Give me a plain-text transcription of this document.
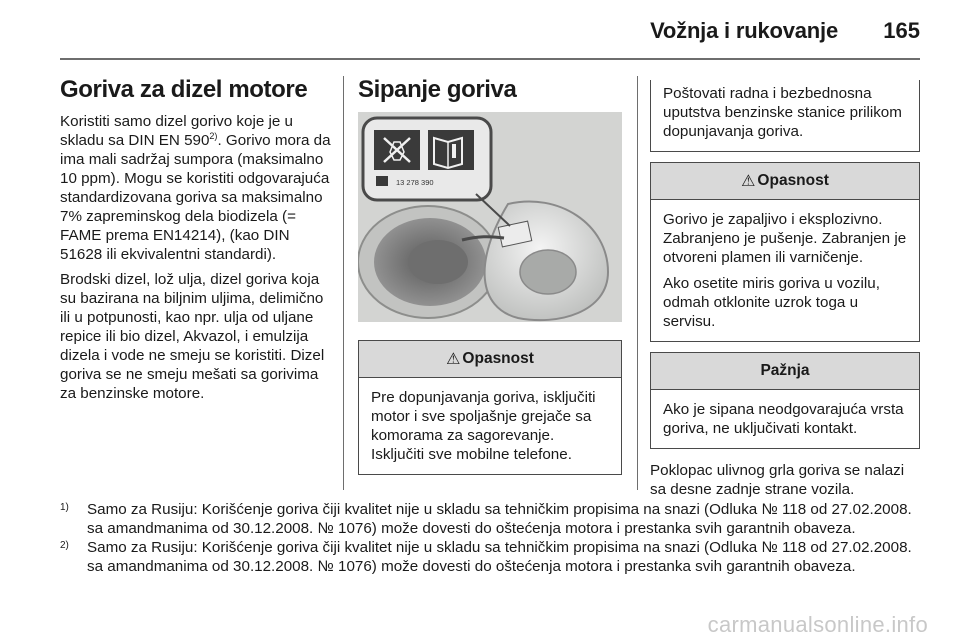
Vožnja i rukovanje 165
Goriva za dizel motore

Koristiti samo dizel gorivo koje je u skladu sa DIN EN 590$^{2)}$. Gorivo mora da ima mali sadržaj sumpora (maksimalno 10 ppm). Mogu se koristiti odgovarajuća standardizovana goriva sa maksimalno 7% zapreminskog dela biodizela (= FAME prema EN14214), (kao DIN 51628 ili ekvivalentni standardi).

Brodski dizel, lož ulja, dizel goriva koja su bazirana na biljnim uljima, delimično ili u potpunosti, kao npr. ulja od uljane repice ili bio dizel, Akvazol, i emulzija dizela i vode ne smeju se koristiti. Dizel goriva se ne smeju mešati sa gorivima za benzinske motore.

Sipanje goriva
13 278 390
⚠ Opasnost
Pre dopunjavanja goriva, isključiti motor i sve spoljašnje grejače sa komorama za sagorevanje. Isključiti sve mobilne telefone.
Poštovati radna i bezbednosna uputstva benzinske stanice prilikom dopunjavanja goriva.
⚠ Opasnost

Gorivo je zapaljivo i eksplozivno. Zabranjeno je pušenje. Zabranjen je otvoreni plamen ili varničenje.

Ako osetite miris goriva u vozilu, odmah otklonite uzrok toga u servisu.

Pažnja
Ako je sipana neodgovarajuća vrsta goriva, ne uključivati kontakt.

Poklopac ulivnog grla goriva se nalazi sa desne zadnje strane vozila.

1) Samo za Rusiju: Korišćenje goriva čiji kvalitet nije u skladu sa tehničkim propisima na snazi (Odluka № 118 od 27.02.2008. sa amandmanima od 30.12.2008. № 1076) može dovesti do oštećenja motora i prestanka svih garantnih obaveza.
2) Samo za Rusiju: Korišćenje goriva čiji kvalitet nije u skladu sa tehničkim propisima na snazi (Odluka № 118 od 27.02.2008. sa amandmanima od 30.12.2008. № 1076) može dovesti do oštećenja motora i prestanka svih garantnih obaveza.
carmanualsonline.info
